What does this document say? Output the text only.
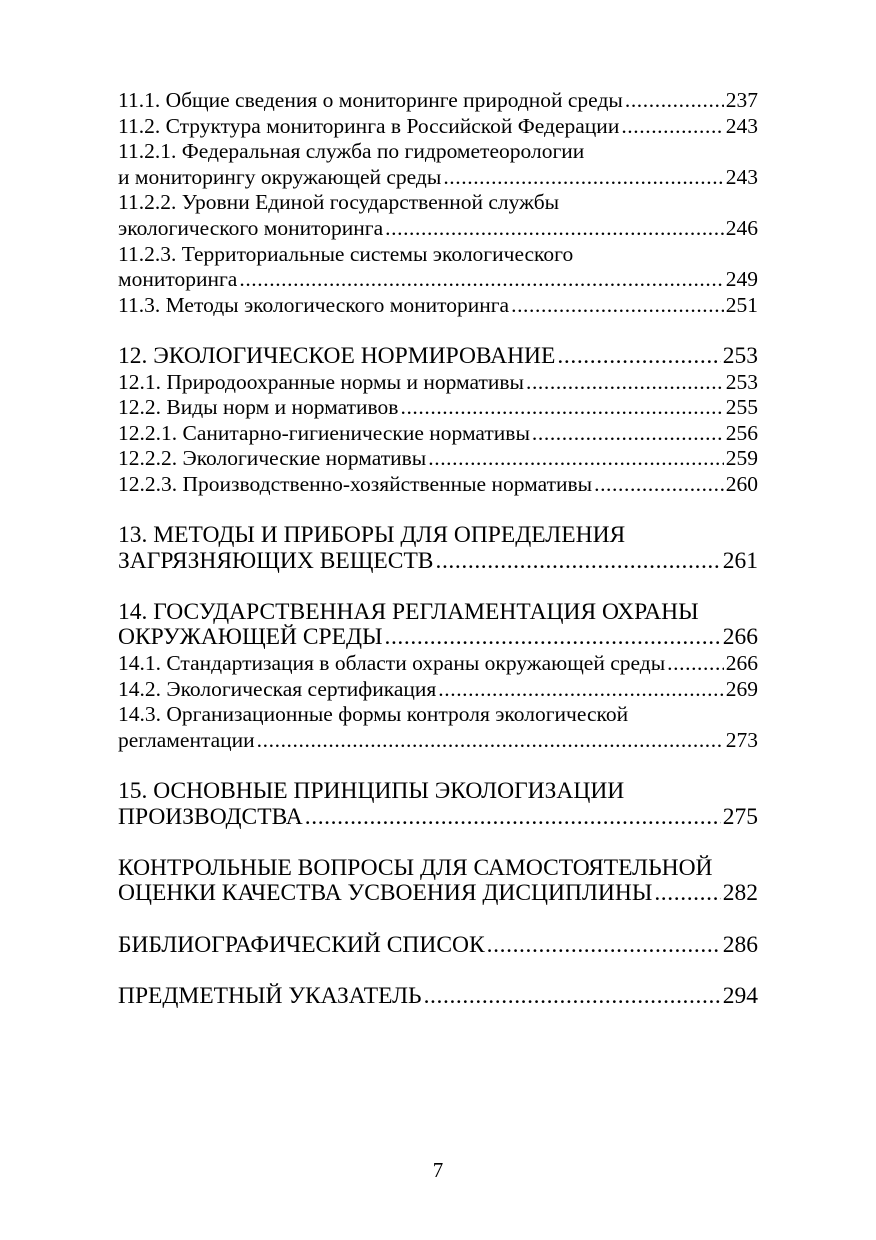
11.1. Общие сведения о мониторинге природной среды .....	237
11.2. Структура мониторинга в Российской Федерации .....	243
11.2.1. Федеральная служба по гидрометеорологии
и мониторингу окружающей среды .....	243
11.2.2. Уровни Единой государственной службы
экологического мониторинга .....	246
11.2.3. Территориальные системы экологического
мониторинга .....	249
11.3. Методы экологического мониторинга .....	251
12. ЭКОЛОГИЧЕСКОЕ НОРМИРОВАНИЕ .....	253
12.1. Природоохранные нормы и нормативы .....	253
12.2. Виды норм и нормативов .....	255
12.2.1. Санитарно-гигиенические нормативы .....	256
12.2.2. Экологические нормативы .....	259
12.2.3. Производственно-хозяйственные нормативы .....	260
13. МЕТОДЫ И ПРИБОРЫ ДЛЯ ОПРЕДЕЛЕНИЯ
ЗАГРЯЗНЯЮЩИХ ВЕЩЕСТВ .....	261
14. ГОСУДАРСТВЕННАЯ РЕГЛАМЕНТАЦИЯ ОХРАНЫ
ОКРУЖАЮЩЕЙ СРЕДЫ .....	266
14.1. Стандартизация в области охраны окружающей среды .....	266
14.2. Экологическая сертификация .....	269
14.3. Организационные формы контроля экологической
регламентации .....	273
15. ОСНОВНЫЕ ПРИНЦИПЫ ЭКОЛОГИЗАЦИИ
ПРОИЗВОДСТВА .....	275
КОНТРОЛЬНЫЕ ВОПРОСЫ ДЛЯ САМОСТОЯТЕЛЬНОЙ
ОЦЕНКИ КАЧЕСТВА УСВОЕНИЯ ДИСЦИПЛИНЫ .....	282
БИБЛИОГРАФИЧЕСКИЙ СПИСОК .....	286
ПРЕДМЕТНЫЙ УКАЗАТЕЛЬ .....	294
7
